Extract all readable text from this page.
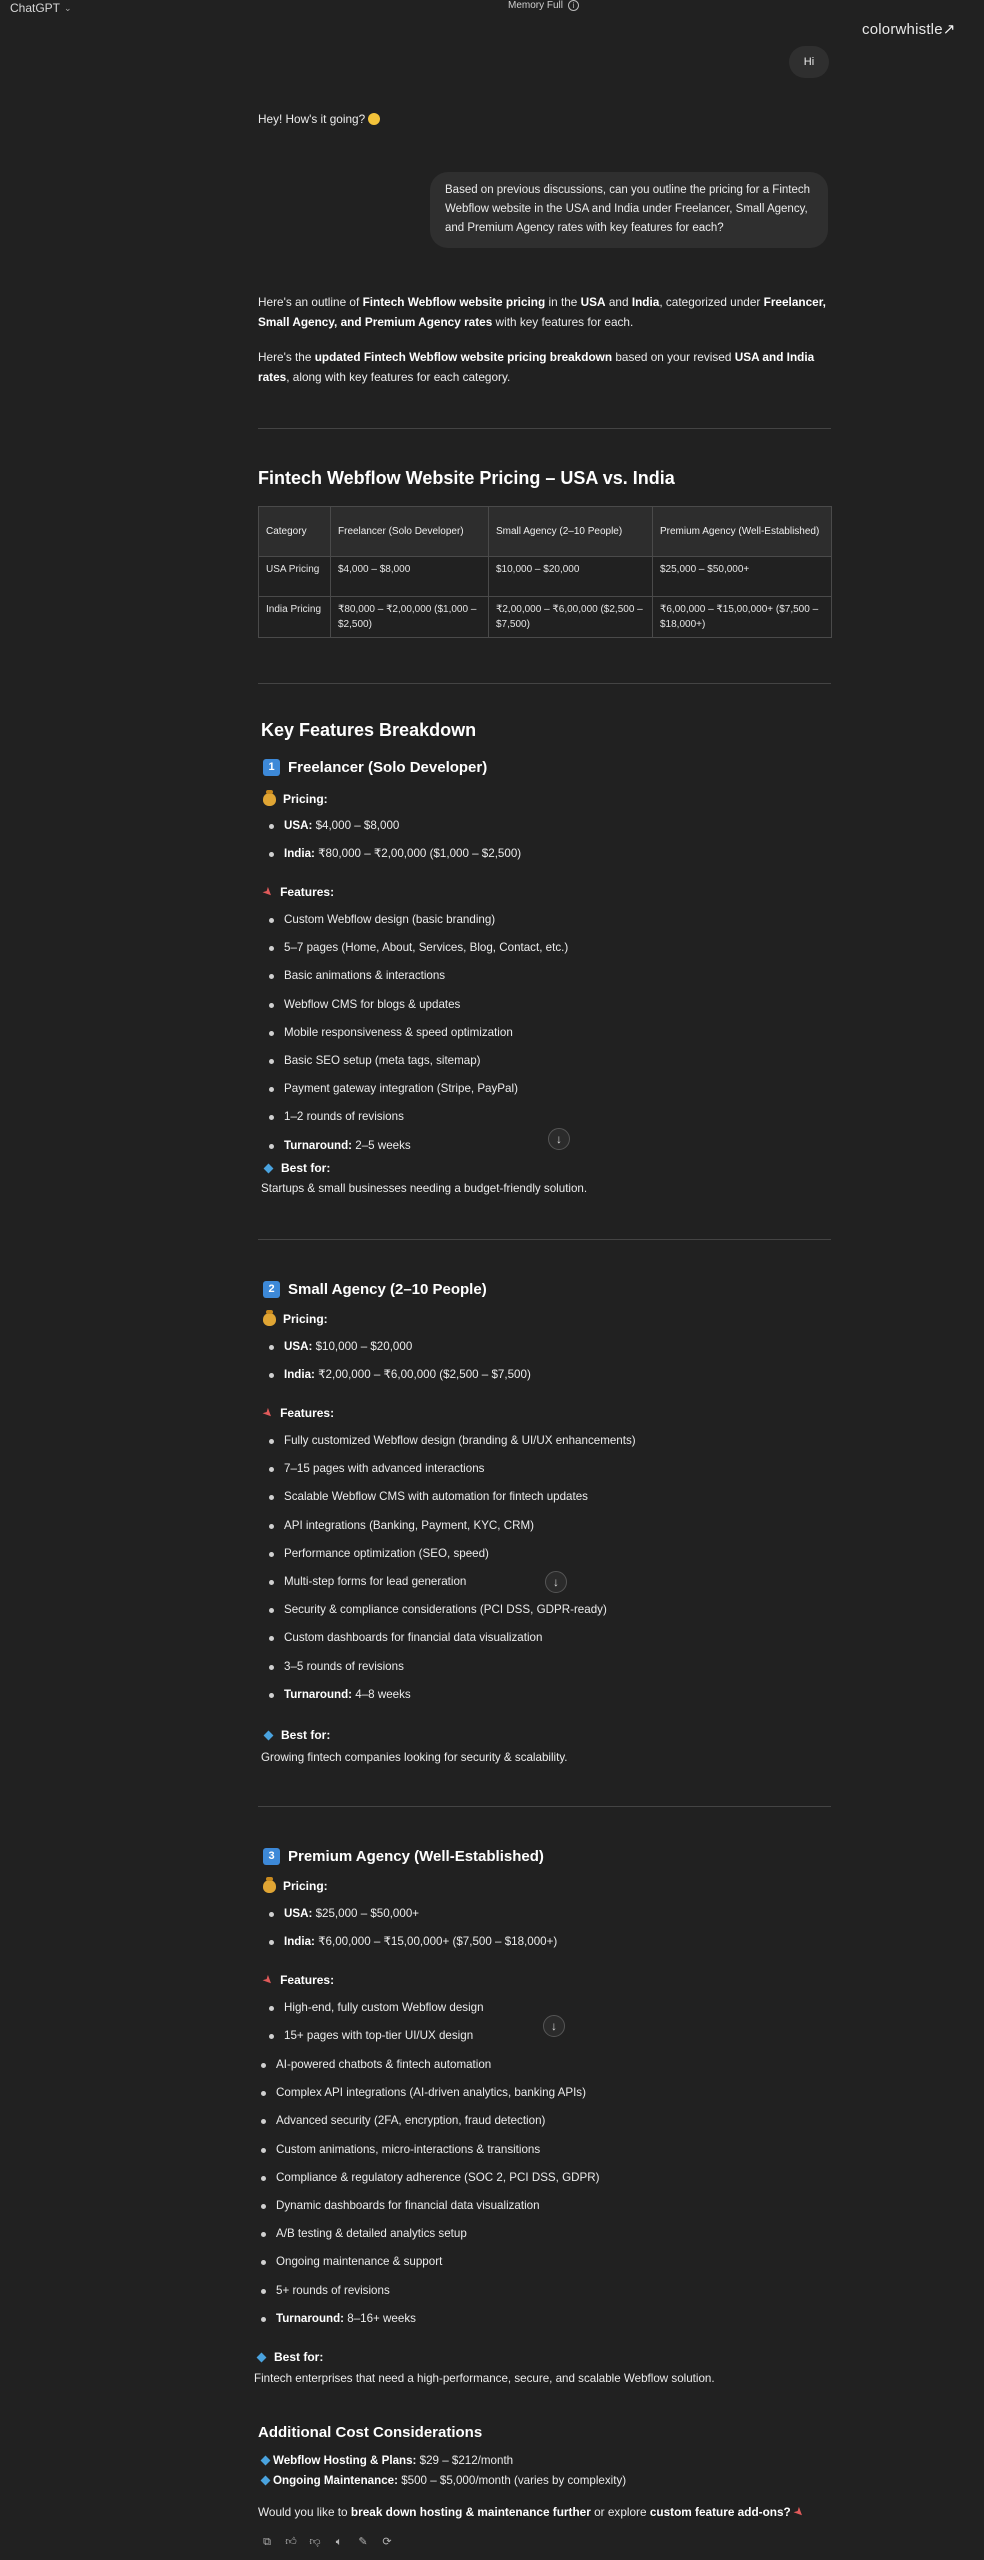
ChatGPT ⌄	Memory Full	i
colorwhistle↗
Hi
Hey! How's it going?
Based on previous discussions, can you outline the pricing for a Fintech Webflow website in the USA and India under Freelancer, Small Agency, and Premium Agency rates with key features for each?
Here's an outline of Fintech Webflow website pricing in the USA and India, categorized under Freelancer, Small Agency, and Premium Agency rates with key features for each.
Here's the updated Fintech Webflow website pricing breakdown based on your revised USA and India rates, along with key features for each category.
Fintech Webflow Website Pricing – USA vs. India
Category	Freelancer (Solo Developer)	Small Agency (2–10 People)	Premium Agency (Well-Established)
USA Pricing	$4,000 – $8,000	$10,000 – $20,000	$25,000 – $50,000+
India Pricing	₹80,000 – ₹2,00,000 ($1,000 – $2,500)	₹2,00,000 – ₹6,00,000 ($2,500 – $7,500)	₹6,00,000 – ₹15,00,000+ ($7,500 – $18,000+)
Key Features Breakdown
1 Freelancer (Solo Developer)
Pricing:
USA: $4,000 – $8,000
India: ₹80,000 – ₹2,00,000 ($1,000 – $2,500)
➤ Features:
Custom Webflow design (basic branding)
5–7 pages (Home, About, Services, Blog, Contact, etc.)
Basic animations & interactions
Webflow CMS for blogs & updates
Mobile responsiveness & speed optimization
Basic SEO setup (meta tags, sitemap)
Payment gateway integration (Stripe, PayPal)
1–2 rounds of revisions
Turnaround: 2–5 weeks	↓
Best for:
Startups & small businesses needing a budget-friendly solution.
2 Small Agency (2–10 People)
Pricing:
USA: $10,000 – $20,000
India: ₹2,00,000 – ₹6,00,000 ($2,500 – $7,500)
➤ Features:
Fully customized Webflow design (branding & UI/UX enhancements)
7–15 pages with advanced interactions
Scalable Webflow CMS with automation for fintech updates
API integrations (Banking, Payment, KYC, CRM)
Performance optimization (SEO, speed)
Multi-step forms for lead generation
Security & compliance considerations (PCI DSS, GDPR-ready)
Custom dashboards for financial data visualization
3–5 rounds of revisions
Turnaround: 4–8 weeks
↓
Best for:
Growing fintech companies looking for security & scalability.
3 Premium Agency (Well-Established)
Pricing:
USA: $25,000 – $50,000+
India: ₹6,00,000 – ₹15,00,000+ ($7,500 – $18,000+)
➤ Features:
High-end, fully custom Webflow design
15+ pages with top-tier UI/UX design
↓
AI-powered chatbots & fintech automation
Complex API integrations (AI-driven analytics, banking APIs)
Advanced security (2FA, encryption, fraud detection)
Custom animations, micro-interactions & transitions
Compliance & regulatory adherence (SOC 2, PCI DSS, GDPR)
Dynamic dashboards for financial data visualization
A/B testing & detailed analytics setup
Ongoing maintenance & support
5+ rounds of revisions
Turnaround: 8–16+ weeks
Best for:
Fintech enterprises that need a high-performance, secure, and scalable Webflow solution.
Additional Cost Considerations
Webflow Hosting & Plans: $29 – $212/month
Ongoing Maintenance: $500 – $5,000/month (varies by complexity)
Would you like to break down hosting & maintenance further or explore custom feature add-ons? ➤
⧉ 👍︎ 👎︎	🔈︎	✎ ⟳
